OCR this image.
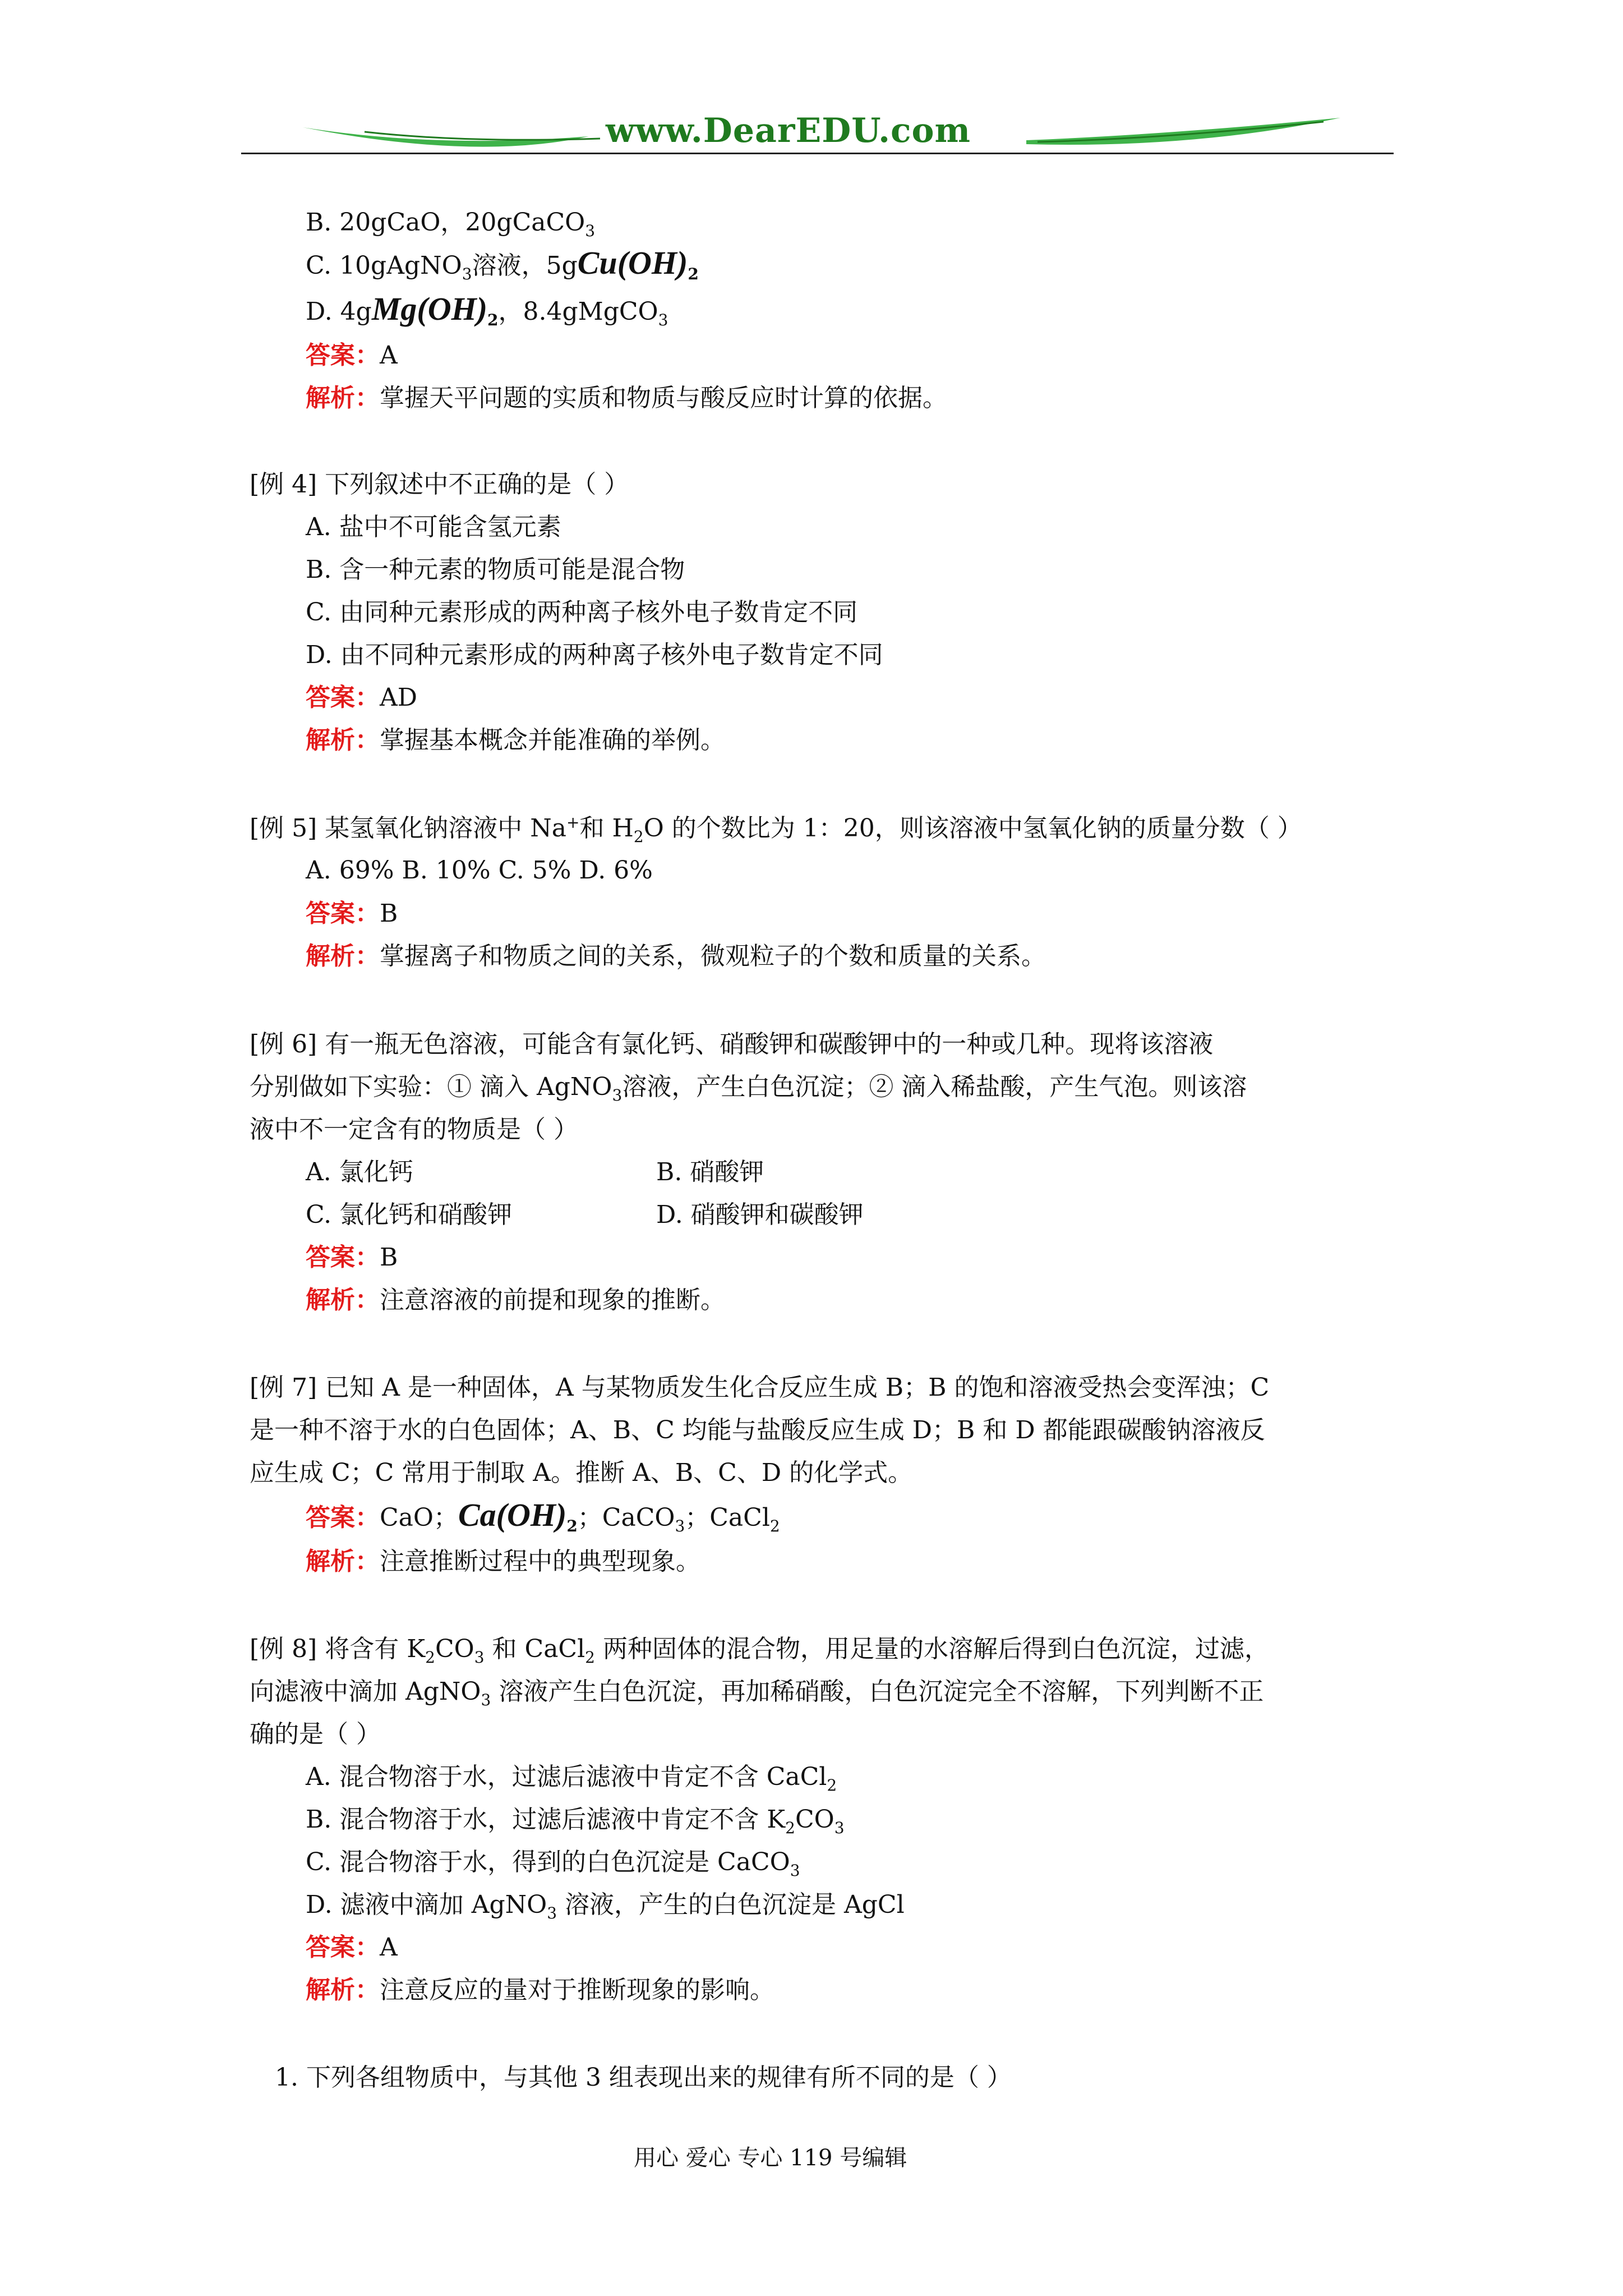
www.DearEDU.com
B. 20gCaO，20gCaCO$_3$
C. 10gAgNO$_3$溶液，$5gCu(OH)_2$
D. $4gMg(OH)_2$，8.4gMgCO$_3$
答案：A
解析：掌握天平问题的实质和物质与酸反应时计算的依据。
[例 4] 下列叙述中不正确的是（ ）
A. 盐中不可能含氢元素
B. 含一种元素的物质可能是混合物
C. 由同种元素形成的两种离子核外电子数肯定不同
D. 由不同种元素形成的两种离子核外电子数肯定不同
答案：AD
解析：掌握基本概念并能准确的举例。
[例 5] 某氢氧化钠溶液中 Na+和 $H_2O$ 的个数比为 1：20，则该溶液中氢氧化钠的质量分数（ ）
A. 69% B. 10% C. 5% D. 6%
答案：B
解析：掌握离子和物质之间的关系，微观粒子的个数和质量的关系。
[例 6] 有一瓶无色溶液，可能含有氯化钙、硝酸钾和碳酸钾中的一种或几种。现将该溶液
分别做如下实验：① 滴入 AgNO$_3$溶液，产生白色沉淀；② 滴入稀盐酸，产生气泡。则该溶
液中不一定含有的物质是（ ）
A. 氯化钙	B. 硝酸钾
C. 氯化钙和硝酸钾	D. 硝酸钾和碳酸钾
答案：B
解析：注意溶液的前提和现象的推断。
[例 7] 已知 A 是一种固体，A 与某物质发生化合反应生成 B；B 的饱和溶液受热会变浑浊；C
是一种不溶于水的白色固体；A、B、C 均能与盐酸反应生成 D；B 和 D 都能跟碳酸钠溶液反
应生成 C；C 常用于制取 A。推断 A、B、C、D 的化学式。
答案：CaO；$Ca(OH)_2$；CaCO$_3$；CaCl$_2$
解析：注意推断过程中的典型现象。
[例 8] 将含有 $K_2CO_3$ 和 CaCl$_2$ 两种固体的混合物，用足量的水溶解后得到白色沉淀，过滤，
向滤液中滴加 AgNO$_3$ 溶液产生白色沉淀，再加稀硝酸，白色沉淀完全不溶解，下列判断不正
确的是（ ）
A. 混合物溶于水，过滤后滤液中肯定不含 CaCl$_2$
B. 混合物溶于水，过滤后滤液中肯定不含 $K_2CO_3$
C. 混合物溶于水，得到的白色沉淀是 CaCO$_3$
D. 滤液中滴加 AgNO$_3$ 溶液，产生的白色沉淀是 AgCl
答案：A
解析：注意反应的量对于推断现象的影响。
1. 下列各组物质中，与其他 3 组表现出来的规律有所不同的是（ ）
用心 爱心 专心 119 号编辑
